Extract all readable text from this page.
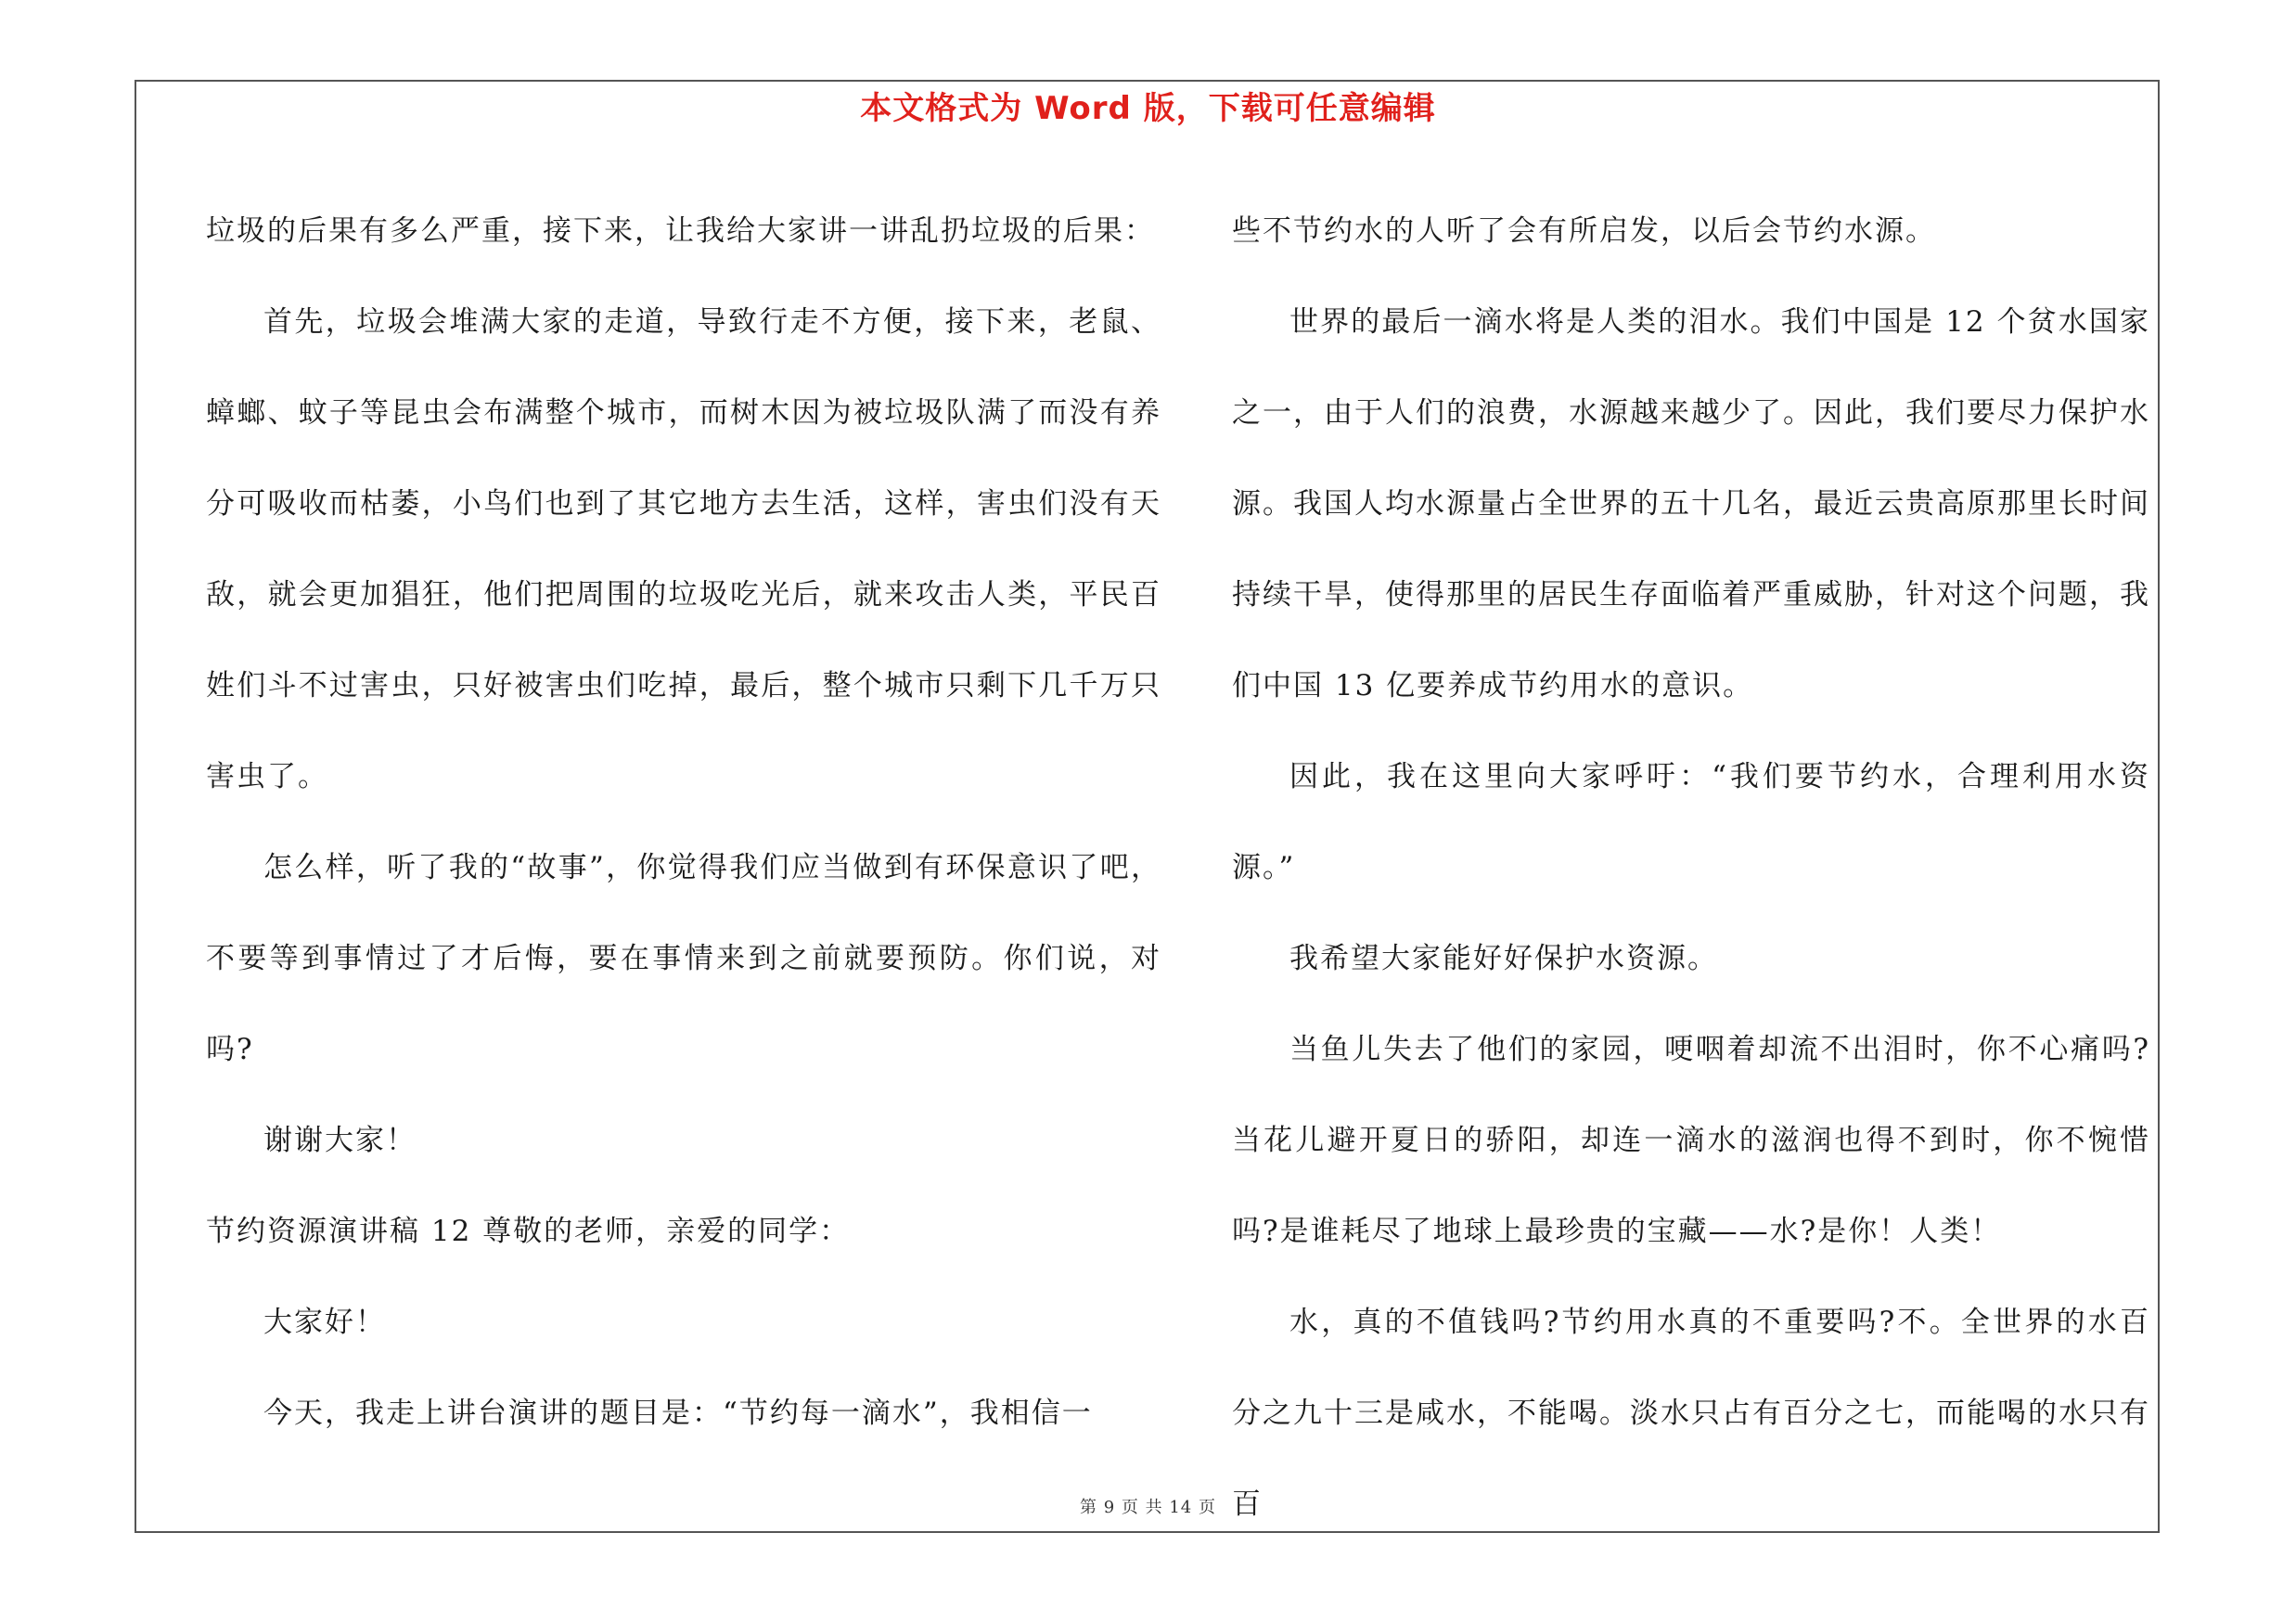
本文格式为 Word 版，下载可任意编辑

垃圾的后果有多么严重，接下来，让我给大家讲一讲乱扔垃圾的后果：

首先，垃圾会堆满大家的走道，导致行走不方便，接下来，老鼠、蟑螂、蚊子等昆虫会布满整个城市，而树木因为被垃圾队满了而没有养分可吸收而枯萎，小鸟们也到了其它地方去生活，这样，害虫们没有天敌，就会更加猖狂，他们把周围的垃圾吃光后，就来攻击人类，平民百姓们斗不过害虫，只好被害虫们吃掉，最后，整个城市只剩下几千万只害虫了。

怎么样，听了我的“故事”，你觉得我们应当做到有环保意识了吧，不要等到事情过了才后悔，要在事情来到之前就要预防。你们说，对吗?

谢谢大家！

节约资源演讲稿 12 尊敬的老师，亲爱的同学：

大家好！

今天，我走上讲台演讲的题目是：“节约每一滴水”，我相信一

些不节约水的人听了会有所启发，以后会节约水源。

世界的最后一滴水将是人类的泪水。我们中国是 12 个贫水国家之一，由于人们的浪费，水源越来越少了。因此，我们要尽力保护水源。我国人均水源量占全世界的五十几名，最近云贵高原那里长时间持续干旱，使得那里的居民生存面临着严重威胁，针对这个问题，我们中国 13 亿要养成节约用水的意识。

因此，我在这里向大家呼吁：“我们要节约水，合理利用水资源。”

我希望大家能好好保护水资源。

当鱼儿失去了他们的家园，哽咽着却流不出泪时，你不心痛吗?当花儿避开夏日的骄阳，却连一滴水的滋润也得不到时，你不惋惜吗?是谁耗尽了地球上最珍贵的宝藏——水?是你！人类！

水，真的不值钱吗?节约用水真的不重要吗?不。全世界的水百分之九十三是咸水，不能喝。淡水只占有百分之七，而能喝的水只有百

第 9 页 共 14 页
